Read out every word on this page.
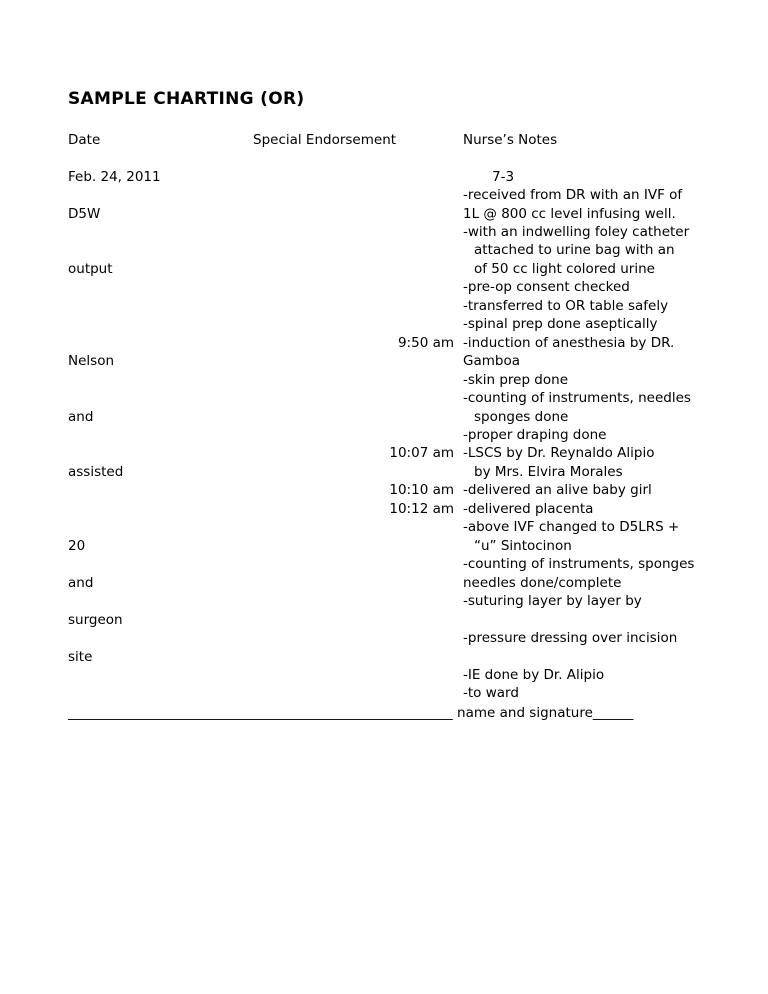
SAMPLE CHARTING (OR)
Date	Special Endorsement	Nurse’s Notes
Feb. 24, 2011
D5W
output
Nelson
and
assisted
20
and
surgeon
site
9:50 am
10:07 am
10:10 am
10:12 am
7-3
-received from DR with an IVF of
1L @ 800 cc level infusing well.
-with an indwelling foley catheter
attached to urine bag with an
of 50 cc light colored urine
-pre-op consent checked
-transferred to OR table safely
-spinal prep done aseptically
-induction of anesthesia by DR.
Gamboa
-skin prep done
-counting of instruments, needles
sponges done
-proper draping done
-LSCS by Dr. Reynaldo Alipio
by Mrs. Elvira Morales
-delivered an alive baby girl
-delivered placenta
-above IVF changed to D5LRS +
“u” Sintocinon
-counting of instruments, sponges
needles done/complete
-suturing layer by layer by
-pressure dressing over incision
-IE done by Dr. Alipio
-to ward
_________________________________________________________ name and signature______
